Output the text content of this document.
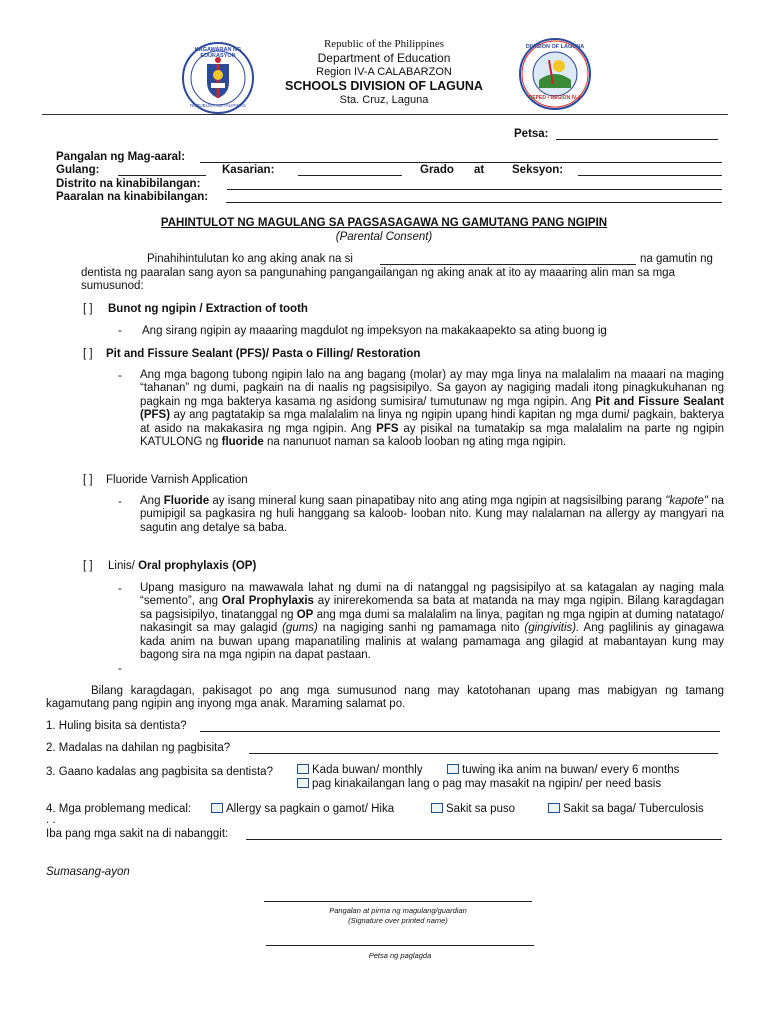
KAGAWARAN NG EDUKASYON
REPUBLIKA NG PILIPINAS
DIVISION OF LAGUNA
DEPED • REGION IV-A
Republic of the Philippines
Department of Education
Region IV-A CALABARZON
SCHOOLS DIVISION OF LAGUNA
Sta. Cruz, Laguna
Petsa:
Pangalan ng Mag-aaral:
Gulang:	Kasarian:	Grado at Seksyon:
Distrito na kinabibilangan:
Paaralan na kinabibilangan:
PAHINTULOT NG MAGULANG SA PAGSASAGAWA NG GAMUTANG PANG NGIPIN
(Parental Consent)
Pinahihintulutan ko ang aking anak na si	na gamutin ng
dentista ng paaralan sang ayon sa pangunahing pangangailangan ng aking anak at ito ay maaaring alin man sa mga
sumusunod:
[ ] Bunot ng ngipin / Extraction of tooth
- Ang sirang ngipin ay maaaring magdulot ng impeksyon na makakaapekto sa ating buong ig
[ ] Pit and Fissure Sealant (PFS)/ Pasta o Filling/ Restoration
- Ang mga bagong tubong ngipin lalo na ang bagang (molar) ay may mga linya na malalalim na maaari na maging “tahanan” ng dumi, pagkain na di naalis ng pagsisipilyo. Sa gayon ay nagiging madali itong pinagkukuhanan ng pagkain ng mga bakterya kasama ng asidong sumisira/ tumutunaw ng mga ngipin. Ang Pit and Fissure Sealant (PFS) ay ang pagtatakip sa mga malalalim na linya ng ngipin upang hindi kapitan ng mga dumi/ pagkain, bakterya at asido na makakasira ng mga ngipin. Ang PFS ay pisikal na tumatakip sa mga malalalim na parte ng ngipin KATULONG ng fluoride na nanunuot naman sa kaloob looban ng ating mga ngipin.
[ ] Fluoride Varnish Application
- Ang Fluoride ay isang mineral kung saan pinapatibay nito ang ating mga ngipin at nagsisilbing parang "kapote" na pumipigil sa pagkasira ng huli hanggang sa kaloob- looban nito. Kung may nalalaman na allergy ay mangyari na sagutin ang detalye sa baba.
[ ] Linis/ Oral prophylaxis (OP)
- Upang masiguro na mawawala lahat ng dumi na di natanggal ng pagsisipilyo at sa katagalan ay naging mala “semento”, ang Oral Prophylaxis ay inirerekomenda sa bata at matanda na may mga ngipin. Bilang karagdagan sa pagsisipilyo, tinatanggal ng OP ang mga dumi sa malalalim na linya, pagitan ng mga ngipin at duming natatago/ nakasingit sa may galagid (gums) na nagiging sanhi ng pamamaga nito (gingivitis). Ang paglilinis ay ginagawa kada anim na buwan upang mapanatiling malinis at walang pamamaga ang gilagid at mabantayan kung may bagong sira na mga ngipin na dapat pastaan.
-
Bilang karagdagan, pakisagot po ang mga sumusunod nang may katotohanan upang mas mabigyan ng tamang kagamutang pang ngipin ang inyong mga anak. Maraming salamat po.
1. Huling bisita sa dentista?
2. Madalas na dahilan ng pagbisita?
3. Gaano kadalas ang pagbisita sa dentista?	Kada buwan/ monthly	tuwing ika anim na buwan/ every 6 months
pag kinakailangan lang o pag may masakit na ngipin/ per need basis
4. Mga problemang medical:	Allergy sa pagkain o gamot/ Hika	Sakit sa puso	Sakit sa baga/ Tuberculosis
. .
Iba pang mga sakit na di nabanggit:
Sumasang-ayon
Pangalan at pirma ng magulang/guardian
(Signature over printed name)
Petsa ng paglagda
